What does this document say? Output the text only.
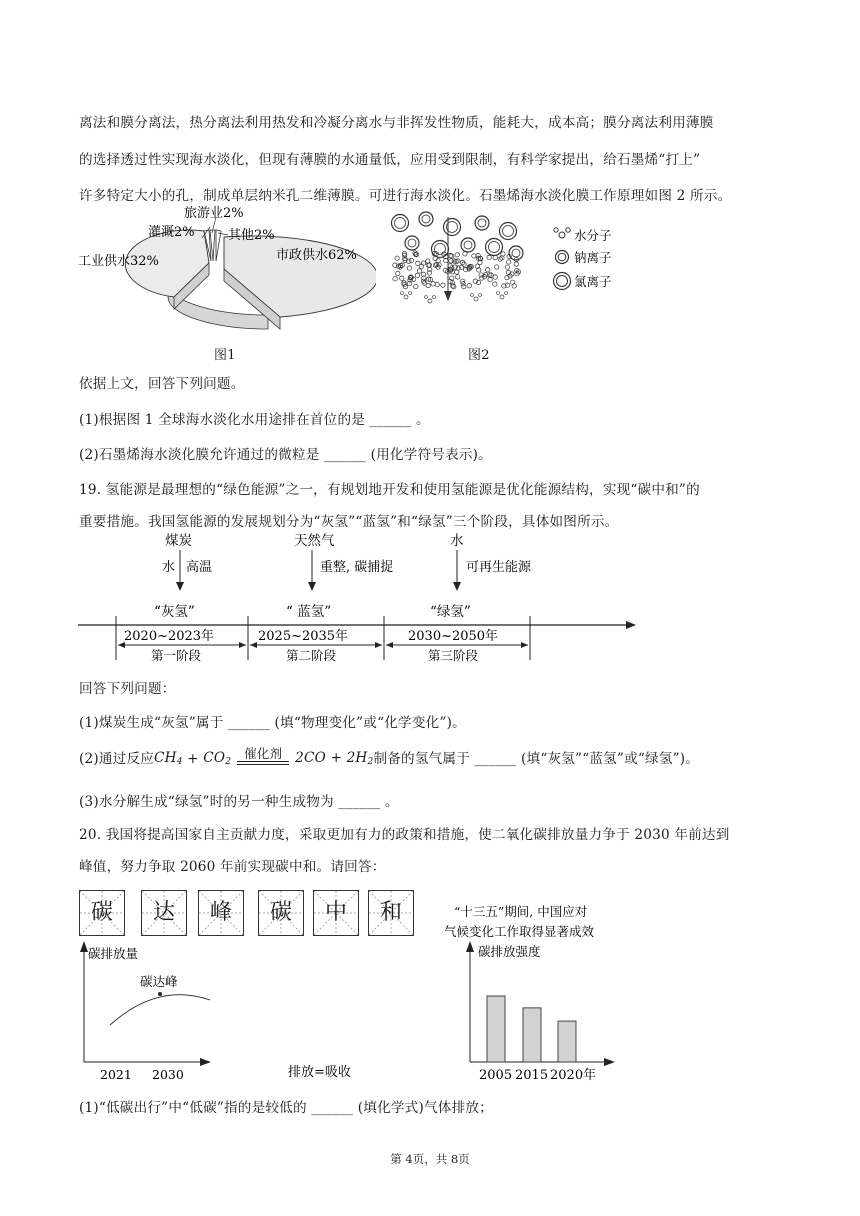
离法和膜分离法，热分离法利用热发和冷凝分离水与非挥发性物质，能耗大，成本高；膜分离法利用薄膜
的选择透过性实现海水淡化，但现有薄膜的水通量低，应用受到限制，有科学家提出，给石墨烯“打上”
许多特定大小的孔，制成单层纳米孔二维薄膜。可进行海水淡化。石墨烯海水淡化膜工作原理如图 2 所示。
旅游业2%
灌溉2%	其他2%
工业供水32%	市政供水62%
图1
水分子
钠离子
氯离子
图2
依据上文，回答下列问题。
(1)根据图 1 全球海水淡化水用途排在首位的是 ______ 。
(2)石墨烯海水淡化膜允许通过的微粒是 ______ (用化学符号表示)。
19. 氢能源是最理想的“绿色能源”之一，有规划地开发和使用氢能源是优化能源结构，实现“碳中和”的
重要措施。我国氢能源的发展规划分为“灰氢”“蓝氢”和“绿氢”三个阶段，具体如图所示。
煤炭
水 高温
“灰氢”
2020~2023年
第一阶段
天然气
重整, 碳捕捉
“ 蓝氢”
2025~2035年
第二阶段
水
可再生能源
“绿氢”
2030~2050年
第三阶段
回答下列问题：
(1)煤炭生成“灰氢”属于 ______ (填“物理变化”或“化学变化”)。
(2)通过反应 $CH_4 + CO_2$
催化剂 $2CO + 2H_2$ 制备的氢气属于 ______ (填“灰氢”“蓝氢”或“绿氢”)。
(3)水分解生成“绿氢”时的另一种生成物为 ______ 。
20. 我国将提高国家自主贡献力度，采取更加有力的政策和措施，使二氧化碳排放量力争于 2030 年前达到
峰值，努力争取 2060 年前实现碳中和。请回答：
碳	达	峰	碳	中	和
碳排放量
碳达峰
2021 2030	排放=吸收
“十三五”期间, 中国应对
气候变化工作取得显著成效
碳排放强度
2005 2015 2020年
(1)“低碳出行”中“低碳”指的是较低的 ______ (填化学式)气体排放；
第 4页，共 8页
